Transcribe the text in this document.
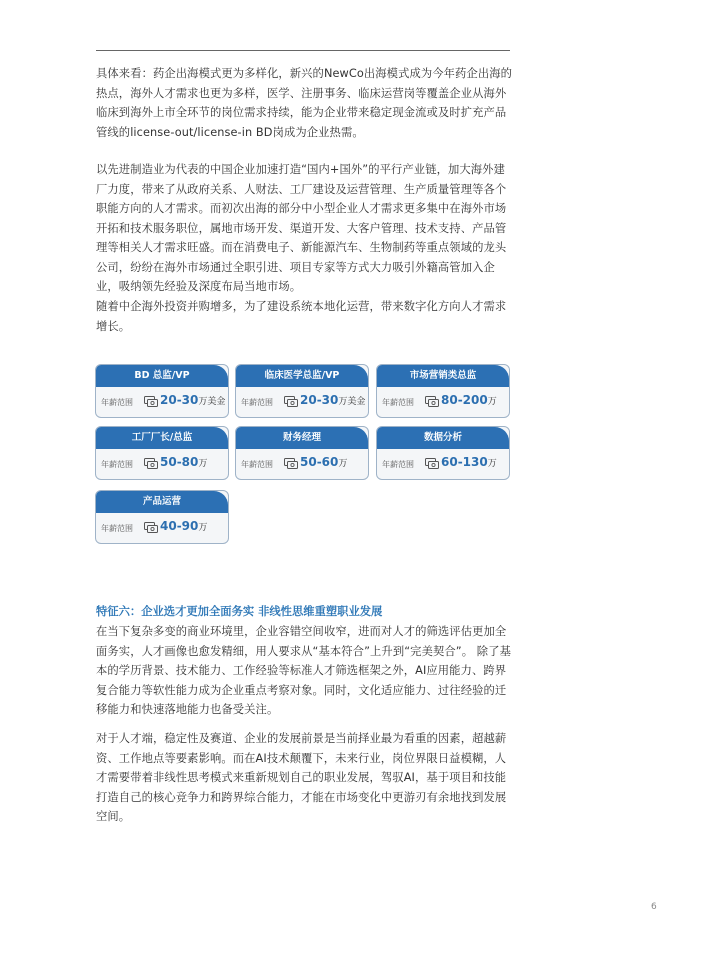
具体来看：药企出海模式更为多样化，新兴的NewCo出海模式成为今年药企出海的热点，海外人才需求也更为多样，医学、注册事务、临床运营岗等覆盖企业从海外临床到海外上市全环节的岗位需求持续，能为企业带来稳定现金流或及时扩充产品管线的license-out/license-in BD岗成为企业热需。

以先进制造业为代表的中国企业加速打造“国内+国外”的平行产业链，加大海外建厂力度，带来了从政府关系、人财法、工厂建设及运营管理、生产质量管理等各个职能方向的人才需求。而初次出海的部分中小型企业人才需求更多集中在海外市场开拓和技术服务职位，属地市场开发、渠道开发、大客户管理、技术支持、产品管理等相关人才需求旺盛。而在消费电子、新能源汽车、生物制药等重点领域的龙头公司，纷纷在海外市场通过全职引进、项目专家等方式大力吸引外籍高管加入企业，吸纳领先经验及深度布局当地市场。

随着中企海外投资并购增多，为了建设系统本地化运营，带来数字化方向人才需求增长。

BD 总监/VP
年薪范围 20-30万美金
临床医学总监/VP
年薪范围 20-30万美金
市场营销类总监
年薪范围 80-200万
工厂厂长/总监
年薪范围 50-80万
财务经理
年薪范围 50-60万
数据分析
年薪范围 60-130万
产品运营
年薪范围 40-90万
特征六：企业选才更加全面务实 非线性思维重塑职业发展

在当下复杂多变的商业环境里，企业容错空间收窄，进而对人才的筛选评估更加全面务实，人才画像也愈发精细，用人要求从“基本符合”上升到“完美契合”。 除了基本的学历背景、技术能力、工作经验等标准人才筛选框架之外，AI应用能力、跨界复合能力等软性能力成为企业重点考察对象。同时，文化适应能力、过往经验的迁移能力和快速落地能力也备受关注。

对于人才端，稳定性及赛道、企业的发展前景是当前择业最为看重的因素，超越薪资、工作地点等要素影响。而在AI技术颠覆下，未来行业，岗位界限日益模糊，人才需要带着非线性思考模式来重新规划自己的职业发展，驾驭AI，基于项目和技能打造自己的核心竞争力和跨界综合能力，才能在市场变化中更游刃有余地找到发展空间。

6
